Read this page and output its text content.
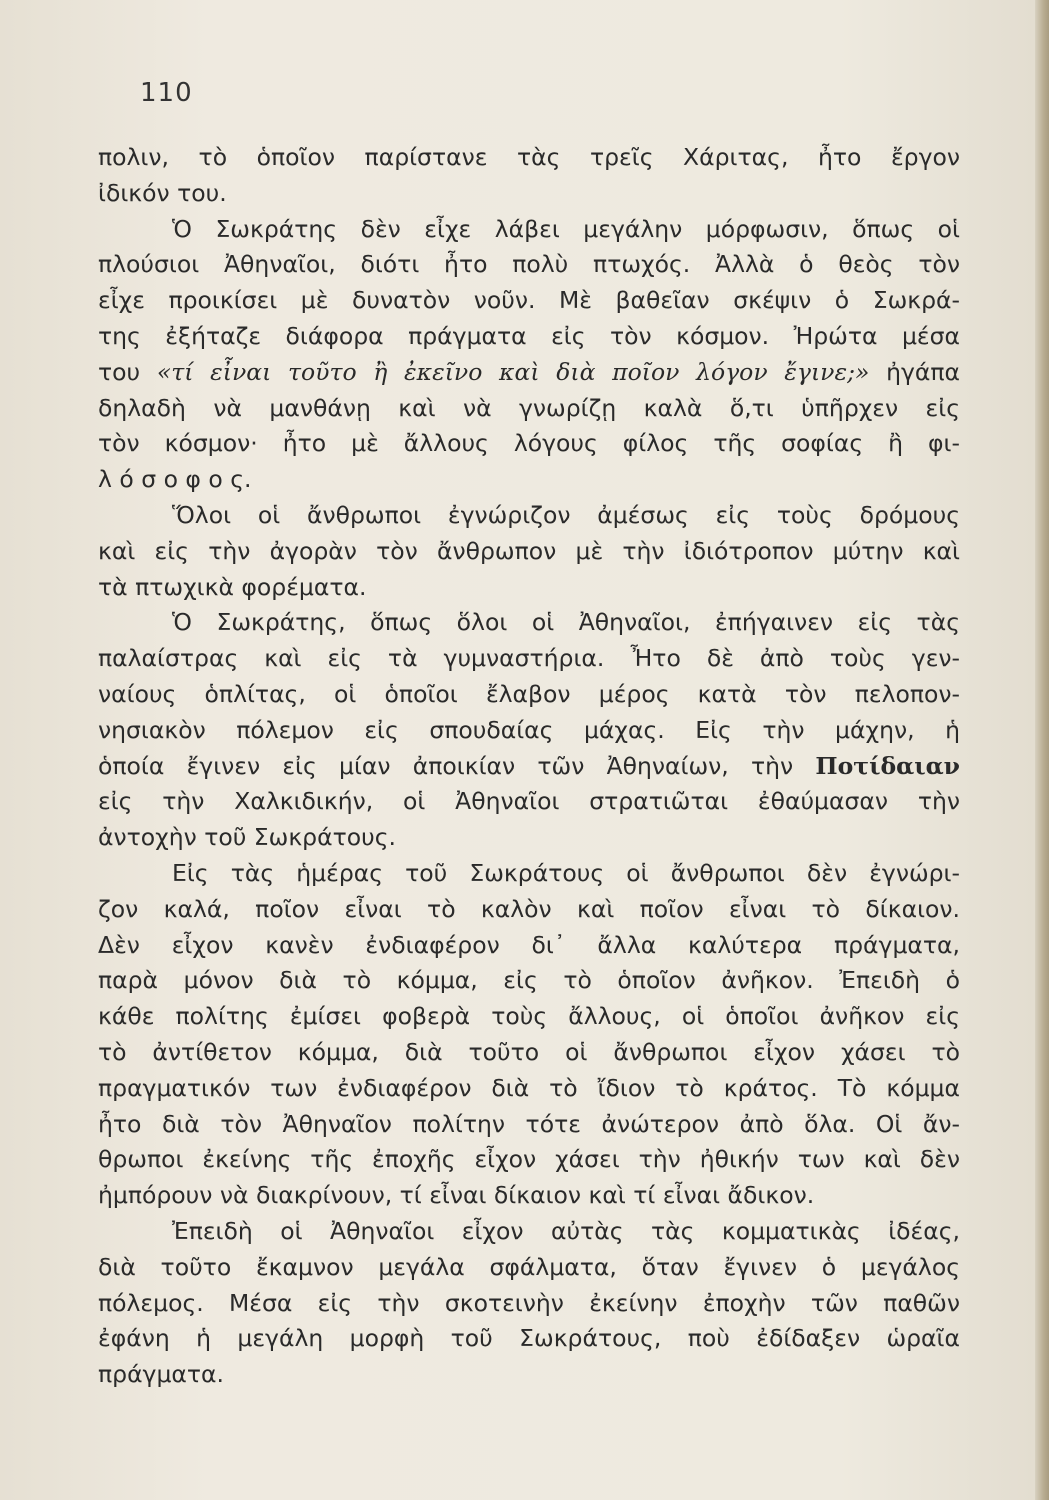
110
πολιν, τὸ ὁποῖον παρίστανε τὰς τρεῖς Χάριτας, ἦτο ἔργον
ἰδικόν του.
Ὁ Σωκράτης δὲν εἶχε λάβει μεγάλην μόρφωσιν, ὅπως οἱ
πλούσιοι Ἀθηναῖοι, διότι ἦτο πολὺ πτωχός. Ἀλλὰ ὁ θεὸς τὸν
εἶχε προικίσει μὲ δυνατὸν νοῦν. Μὲ βαθεῖαν σκέψιν ὁ Σωκρά-
της ἐξήταζε διάφορα πράγματα εἰς τὸν κόσμον. Ἠρώτα μέσα
του «τί εἶναι τοῦτο ἢ ἐκεῖνο καὶ διὰ ποῖον λόγον ἔγινε;» ἠγάπα
δηλαδὴ νὰ μανθάνῃ καὶ νὰ γνωρίζῃ καλὰ ὅ,τι ὑπῆρχεν εἰς
τὸν κόσμον· ἦτο μὲ ἄλλους λόγους φίλος τῆς σοφίας ἢ φι-
λ ό σ ο φ ο ς.
Ὅλοι οἱ ἄνθρωποι ἐγνώριζον ἀμέσως εἰς τοὺς δρόμους
καὶ εἰς τὴν ἀγορὰν τὸν ἄνθρωπον μὲ τὴν ἰδιότροπον μύτην καὶ
τὰ πτωχικὰ φορέματα.
Ὁ Σωκράτης, ὅπως ὅλοι οἱ Ἀθηναῖοι, ἐπήγαινεν εἰς τὰς
παλαίστρας καὶ εἰς τὰ γυμναστήρια. Ἦτο δὲ ἀπὸ τοὺς γεν-
ναίους ὁπλίτας, οἱ ὁποῖοι ἔλαβον μέρος κατὰ τὸν πελοπον-
νησιακὸν πόλεμον εἰς σπουδαίας μάχας. Εἰς τὴν μάχην, ἡ
ὁποία ἔγινεν εἰς μίαν ἀποικίαν τῶν Ἀθηναίων, τὴν Ποτίδαιαν
εἰς τὴν Χαλκιδικήν, οἱ Ἀθηναῖοι στρατιῶται ἐθαύμασαν τὴν
ἀντοχὴν τοῦ Σωκράτους.
Εἰς τὰς ἡμέρας τοῦ Σωκράτους οἱ ἄνθρωποι δὲν ἐγνώρι-
ζον καλά, ποῖον εἶναι τὸ καλὸν καὶ ποῖον εἶναι τὸ δίκαιον.
Δὲν εἶχον κανὲν ἐνδιαφέρον δι᾽ ἄλλα καλύτερα πράγματα,
παρὰ μόνον διὰ τὸ κόμμα, εἰς τὸ ὁποῖον ἀνῆκον. Ἐπειδὴ ὁ
κάθε πολίτης ἐμίσει φοβερὰ τοὺς ἄλλους, οἱ ὁποῖοι ἀνῆκον εἰς
τὸ ἀντίθετον κόμμα, διὰ τοῦτο οἱ ἄνθρωποι εἶχον χάσει τὸ
πραγματικόν των ἐνδιαφέρον διὰ τὸ ἴδιον τὸ κράτος. Τὸ κόμμα
ἦτο διὰ τὸν Ἀθηναῖον πολίτην τότε ἀνώτερον ἀπὸ ὅλα. Οἱ ἄν-
θρωποι ἐκείνης τῆς ἐποχῆς εἶχον χάσει τὴν ἠθικήν των καὶ δὲν
ἠμπόρουν νὰ διακρίνουν, τί εἶναι δίκαιον καὶ τί εἶναι ἄδικον.
Ἐπειδὴ οἱ Ἀθηναῖοι εἶχον αὐτὰς τὰς κομματικὰς ἰδέας,
διὰ τοῦτο ἔκαμνον μεγάλα σφάλματα, ὅταν ἔγινεν ὁ μεγάλος
πόλεμος. Μέσα εἰς τὴν σκοτεινὴν ἐκείνην ἐποχὴν τῶν παθῶν
ἐφάνη ἡ μεγάλη μορφὴ τοῦ Σωκράτους, ποὺ ἐδίδαξεν ὡραῖα
πράγματα.
